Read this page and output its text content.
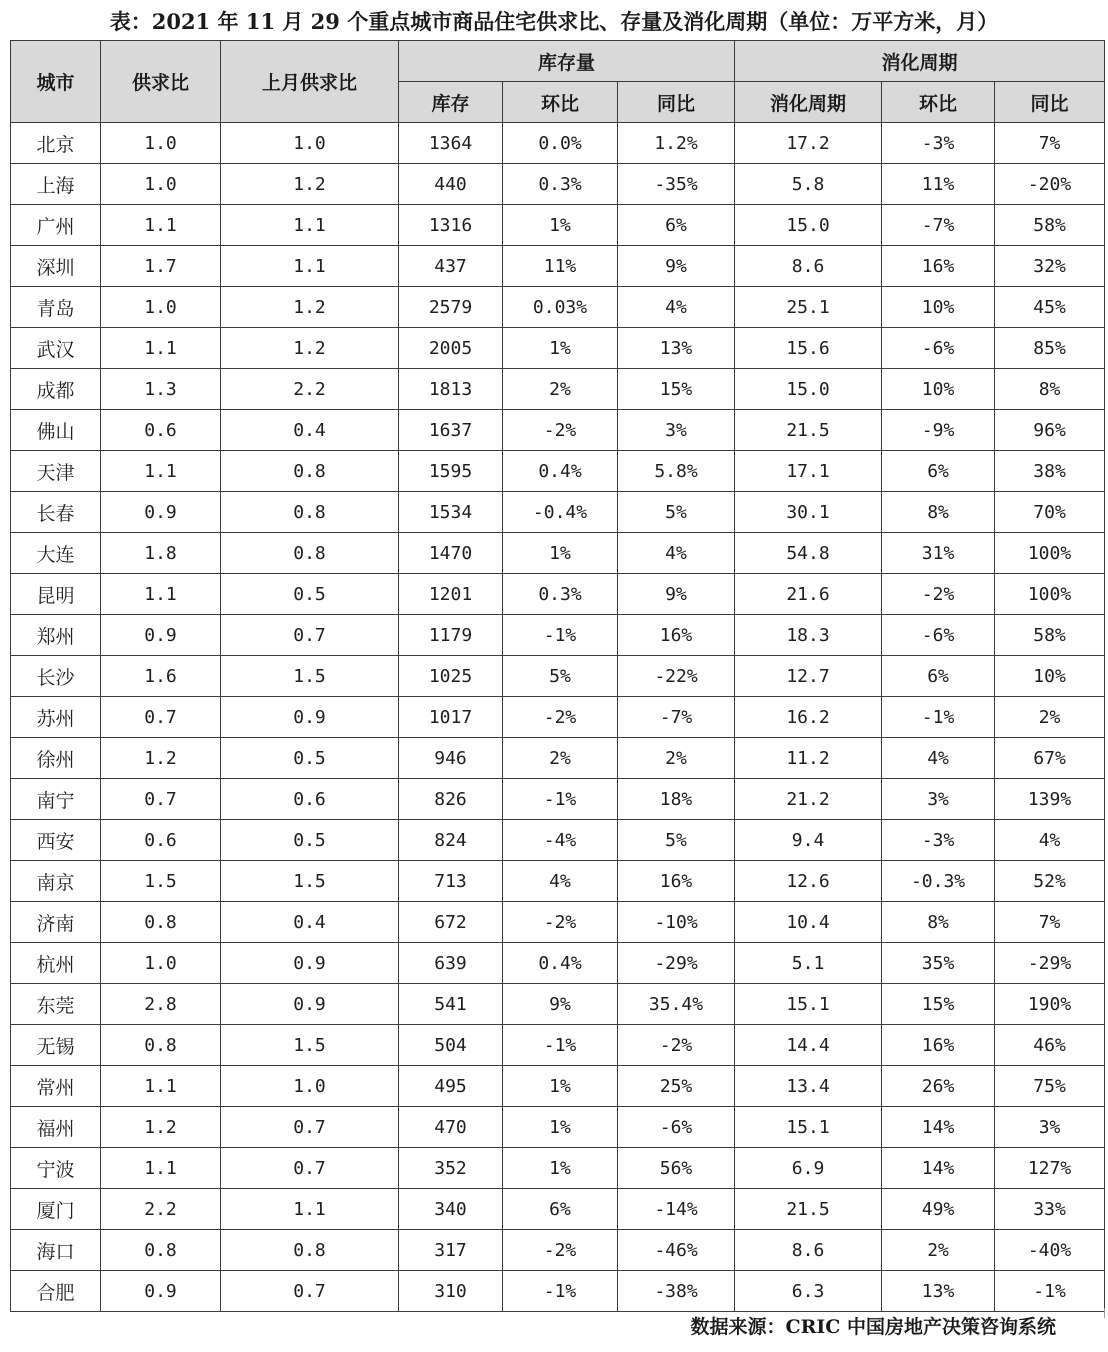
表：2021 年 11 月 29 个重点城市商品住宅供求比、存量及消化周期（单位：万平方米，月）
城市	供求比	上月供求比	库存量			消化周期		
			库存	环比	同比	消化周期	环比	同比
北京	1.0	1.0	1364	0.0%	1.2%	17.2	-3%	7%
上海	1.0	1.2	440	0.3%	-35%	5.8	11%	-20%
广州	1.1	1.1	1316	1%	6%	15.0	-7%	58%
深圳	1.7	1.1	437	11%	9%	8.6	16%	32%
青岛	1.0	1.2	2579	0.03%	4%	25.1	10%	45%
武汉	1.1	1.2	2005	1%	13%	15.6	-6%	85%
成都	1.3	2.2	1813	2%	15%	15.0	10%	8%
佛山	0.6	0.4	1637	-2%	3%	21.5	-9%	96%
天津	1.1	0.8	1595	0.4%	5.8%	17.1	6%	38%
长春	0.9	0.8	1534	-0.4%	5%	30.1	8%	70%
大连	1.8	0.8	1470	1%	4%	54.8	31%	100%
昆明	1.1	0.5	1201	0.3%	9%	21.6	-2%	100%
郑州	0.9	0.7	1179	-1%	16%	18.3	-6%	58%
长沙	1.6	1.5	1025	5%	-22%	12.7	6%	10%
苏州	0.7	0.9	1017	-2%	-7%	16.2	-1%	2%
徐州	1.2	0.5	946	2%	2%	11.2	4%	67%
南宁	0.7	0.6	826	-1%	18%	21.2	3%	139%
西安	0.6	0.5	824	-4%	5%	9.4	-3%	4%
南京	1.5	1.5	713	4%	16%	12.6	-0.3%	52%
济南	0.8	0.4	672	-2%	-10%	10.4	8%	7%
杭州	1.0	0.9	639	0.4%	-29%	5.1	35%	-29%
东莞	2.8	0.9	541	9%	35.4%	15.1	15%	190%
无锡	0.8	1.5	504	-1%	-2%	14.4	16%	46%
常州	1.1	1.0	495	1%	25%	13.4	26%	75%
福州	1.2	0.7	470	1%	-6%	15.1	14%	3%
宁波	1.1	0.7	352	1%	56%	6.9	14%	127%
厦门	2.2	1.1	340	6%	-14%	21.5	49%	33%
海口	0.8	0.8	317	-2%	-46%	8.6	2%	-40%
合肥	0.9	0.7	310	-1%	-38%	6.3	13%	-1%
数据来源：CRIC 中国房地产决策咨询系统
